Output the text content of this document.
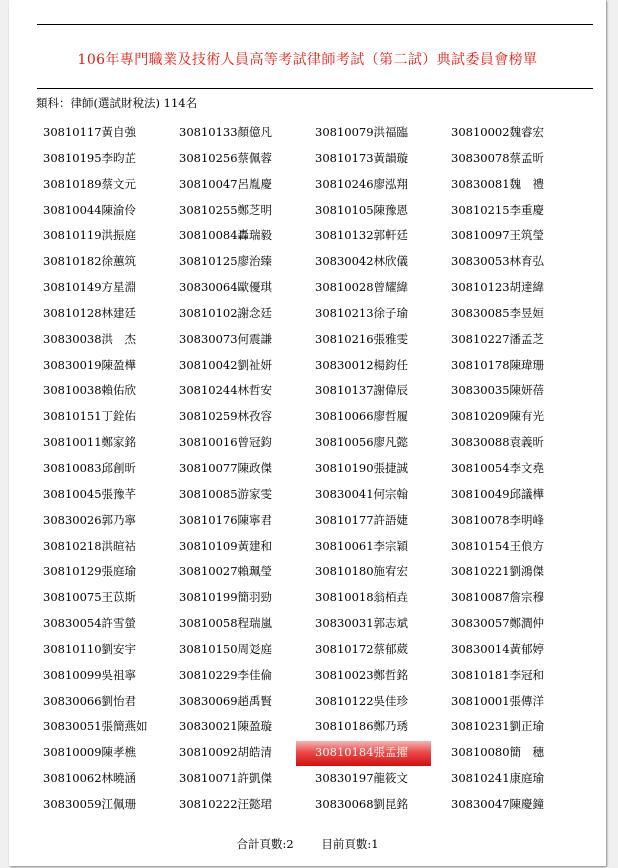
106年專門職業及技術人員高等考試律師考試（第二試）典試委員會榜單
類科：律師(選試財稅法) 114名
30810117黃自強	30810133顏億凡	30810079洪福臨	30810002魏睿宏
30810195李昀芷	30810256蔡佩蓉	30810173黃韻璇	30830078蔡孟昕
30810189蔡文元	30810047呂胤慶	30810246廖泓翔	30830081魏　禮
30810044陳渝伶	30810255鄭芝明	30810105陳豫恩	30810215李重慶
30810119洪振庭	30810084轟瑞毅	30810132郭軒廷	30810097王筑瑩
30810182徐蕙筑	30810125廖治臻	30830042林欣儀	30830053林育弘
30810149方星淵	30830064歐優琪	30810028曾耀緯	30810123胡達緯
30810128林建廷	30810102謝念廷	30810213徐子瑜	30830085李昱姮
30830038洪　杰	30830073何震謙	30810216張雅雯	30810227潘孟芝
30830019陳盈樺	30810042劉祉妍	30830012楊鈞任	30810178陳瑋珊
30810038賴佑欣	30810244林哲安	30810137謝偉辰	30830035陳妍蓓
30810151丁銓佑	30810259林孜容	30810066廖哲履	30810209陳有光
30810011鄭家銘	30810016曾冠鈞	30810056廖凡懿	30830088袁義昕
30810083邱創昕	30810077陳政傑	30810190張捷誠	30810054李文堯
30810045張豫芊	30810085游家雯	30830041何宗翰	30810049邱議樺
30830026郭乃寧	30810176陳寧君	30810177許語婕	30810078李明峰
30810218洪暄祜	30810109黃建和	30810061李宗穎	30810154王俍方
30810129張庭瑜	30810027賴珮瑩	30810180施宥宏	30810221劉鴻傑
30810075王苡斯	30810199簡羽勁	30810018翁栢垚	30810087詹宗穆
30830054許雪螢	30810058程瑞嵐	30830031郭志斌	30830057鄭澗仲
30810110劉安宇	30810150周彣庭	30810172蔡郁葳	30830014黃郁婷
30810099吳祖寧	30810229李佳倫	30810023鄭哲銘	30810181李冠和
30830066劉怡君	30830069趙禹賢	30810122吳佳珍	30810001張傳洋
30830051張簡燕如	30830021陳盈璇	30810186鄭乃琇	30810231劉正瑜
30810009陳孝樵	30810092胡皓清	30810184張孟擢	30810080簡　穗
30810062林曉涵	30810071許凱傑	30830197龍筱文	30810241康庭瑜
30830059江佩珊	30810222汪懿珺	30830068劉昆銘	30830047陳慶鐘
合計頁數:2 目前頁數:1
